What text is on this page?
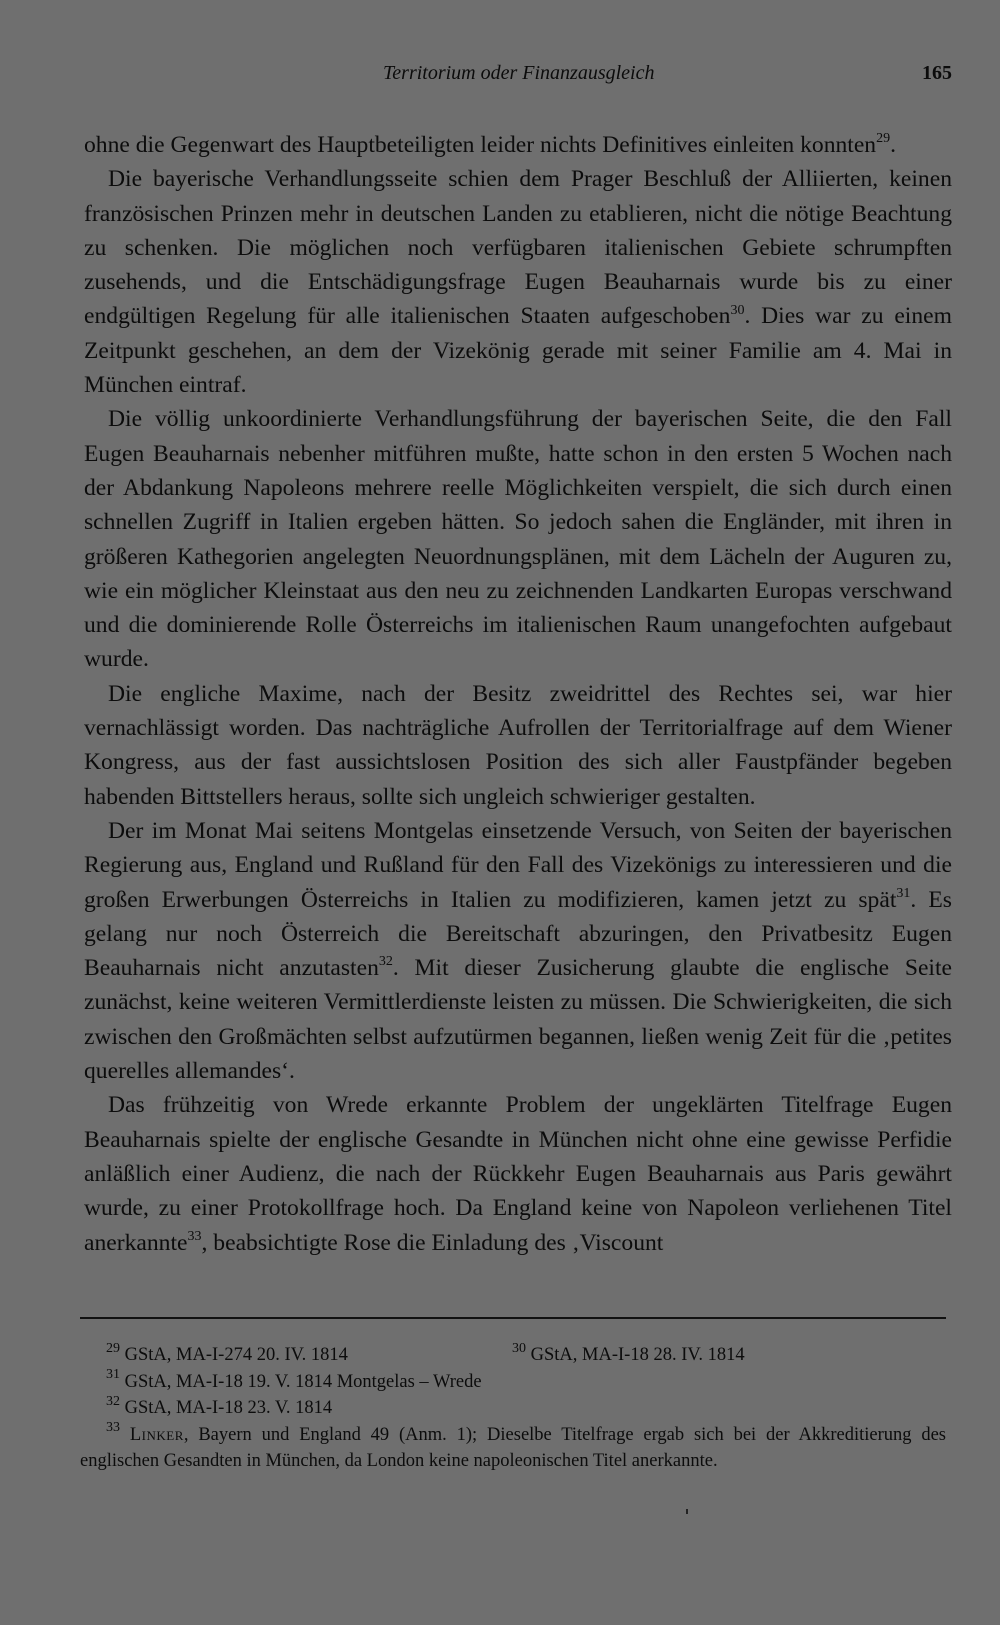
Territorium oder Finanzausgleich	165

ohne die Gegenwart des Hauptbeteiligten leider nichts Definitives einleiten konnten$^{29}$.

Die bayerische Verhandlungsseite schien dem Prager Beschluß der Alliierten, keinen französischen Prinzen mehr in deutschen Landen zu etablieren, nicht die nötige Beachtung zu schenken. Die möglichen noch verfügbaren italienischen Gebiete schrumpften zusehends, und die Entschädigungsfrage Eugen Beauharnais wurde bis zu einer endgültigen Regelung für alle italienischen Staaten aufgeschoben$^{30}$. Dies war zu einem Zeitpunkt geschehen, an dem der Vizekönig gerade mit seiner Familie am 4. Mai in München eintraf.

Die völlig unkoordinierte Verhandlungsführung der bayerischen Seite, die den Fall Eugen Beauharnais nebenher mitführen mußte, hatte schon in den ersten 5 Wochen nach der Abdankung Napoleons mehrere reelle Möglichkeiten verspielt, die sich durch einen schnellen Zugriff in Italien ergeben hätten. So jedoch sahen die Engländer, mit ihren in größeren Kathegorien angelegten Neuordnungsplänen, mit dem Lächeln der Auguren zu, wie ein möglicher Kleinstaat aus den neu zu zeichnenden Landkarten Europas verschwand und die dominierende Rolle Österreichs im italienischen Raum unangefochten aufgebaut wurde.

Die engliche Maxime, nach der Besitz zweidrittel des Rechtes sei, war hier vernachlässigt worden. Das nachträgliche Aufrollen der Territorialfrage auf dem Wiener Kongress, aus der fast aussichtslosen Position des sich aller Faustpfänder begeben habenden Bittstellers heraus, sollte sich ungleich schwieriger gestalten.

Der im Monat Mai seitens Montgelas einsetzende Versuch, von Seiten der bayerischen Regierung aus, England und Rußland für den Fall des Vizekönigs zu interessieren und die großen Erwerbungen Österreichs in Italien zu modifizieren, kamen jetzt zu spät$^{31}$. Es gelang nur noch Österreich die Bereitschaft abzuringen, den Privatbesitz Eugen Beauharnais nicht anzutasten$^{32}$. Mit dieser Zusicherung glaubte die englische Seite zunächst, keine weiteren Vermittlerdienste leisten zu müssen. Die Schwierigkeiten, die sich zwischen den Großmächten selbst aufzutürmen begannen, ließen wenig Zeit für die ‚petites querelles allemandes‘.

Das frühzeitig von Wrede erkannte Problem der ungeklärten Titelfrage Eugen Beauharnais spielte der englische Gesandte in München nicht ohne eine gewisse Perfidie anläßlich einer Audienz, die nach der Rückkehr Eugen Beauharnais aus Paris gewährt wurde, zu einer Protokollfrage hoch. Da England keine von Napoleon verliehenen Titel anerkannte$^{33}$, beabsichtigte Rose die Einladung des ‚Viscount

$^{29}$ GStA, MA-I-274 20. IV. 1814	$^{30}$ GStA, MA-I-18 28. IV. 1814
$^{31}$ GStA, MA-I-18 19. V. 1814 Montgelas – Wrede
$^{32}$ GStA, MA-I-18 23. V. 1814
$^{33}$ Linker, Bayern und England 49 (Anm. 1); Dieselbe Titelfrage ergab sich bei der Akkreditierung des englischen Gesandten in München, da London keine napoleonischen Titel anerkannte.
